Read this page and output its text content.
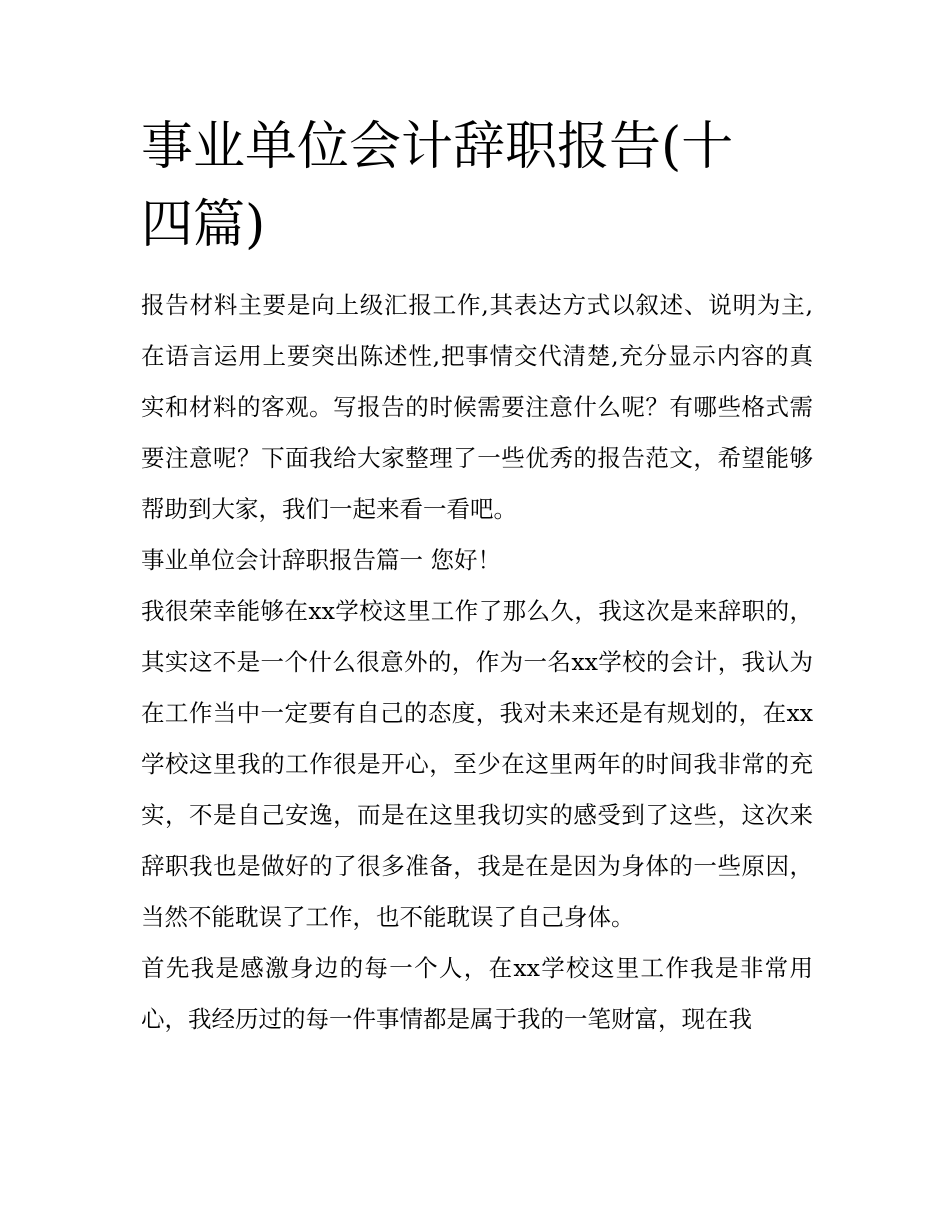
事业单位会计辞职报告(十四篇)

报告材料主要是向上级汇报工作,其表达方式以叙述、说明为主,在语言运用上要突出陈述性,把事情交代清楚,充分显示内容的真实和材料的客观。写报告的时候需要注意什么呢？有哪些格式需要注意呢？下面我给大家整理了一些优秀的报告范文，希望能够帮助到大家，我们一起来看一看吧。

事业单位会计辞职报告篇一 您好！

我很荣幸能够在xx学校这里工作了那么久，我这次是来辞职的，其实这不是一个什么很意外的，作为一名xx学校的会计，我认为在工作当中一定要有自己的态度，我对未来还是有规划的，在xx学校这里我的工作很是开心，至少在这里两年的时间我非常的充实，不是自己安逸，而是在这里我切实的感受到了这些，这次来辞职我也是做好的了很多准备，我是在是因为身体的一些原因，当然不能耽误了工作，也不能耽误了自己身体。

首先我是感激身边的每一个人，在xx学校这里工作我是非常用心，我经历过的每一件事情都是属于我的一笔财富，现在我
